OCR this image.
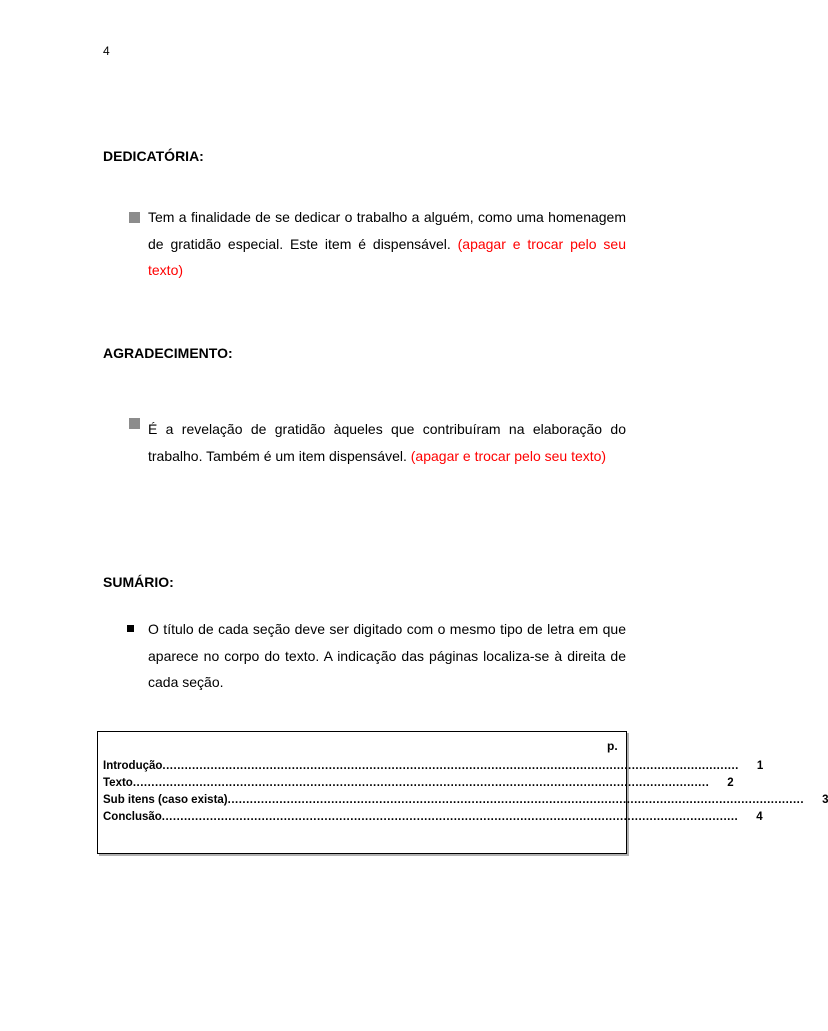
4
DEDICATÓRIA:
Tem a finalidade de se dedicar o trabalho a alguém, como uma homenagem de gratidão especial. Este item é dispensável. (apagar e trocar pelo seu texto)
AGRADECIMENTO:
É a revelação de gratidão àqueles que contribuíram na elaboração do trabalho. Também é um item dispensável. (apagar e trocar pelo seu texto)
SUMÁRIO:
O título de cada seção deve ser digitado com o mesmo tipo de letra em que aparece no corpo do texto. A indicação das páginas localiza-se à direita de cada seção.
p.
Introdução ............................................................................................................................................................ 1
Texto ............................................................................................................................................................ 2
Sub itens (caso exista) ............................................................................................................................................................ 3
Conclusão ............................................................................................................................................................ 4
